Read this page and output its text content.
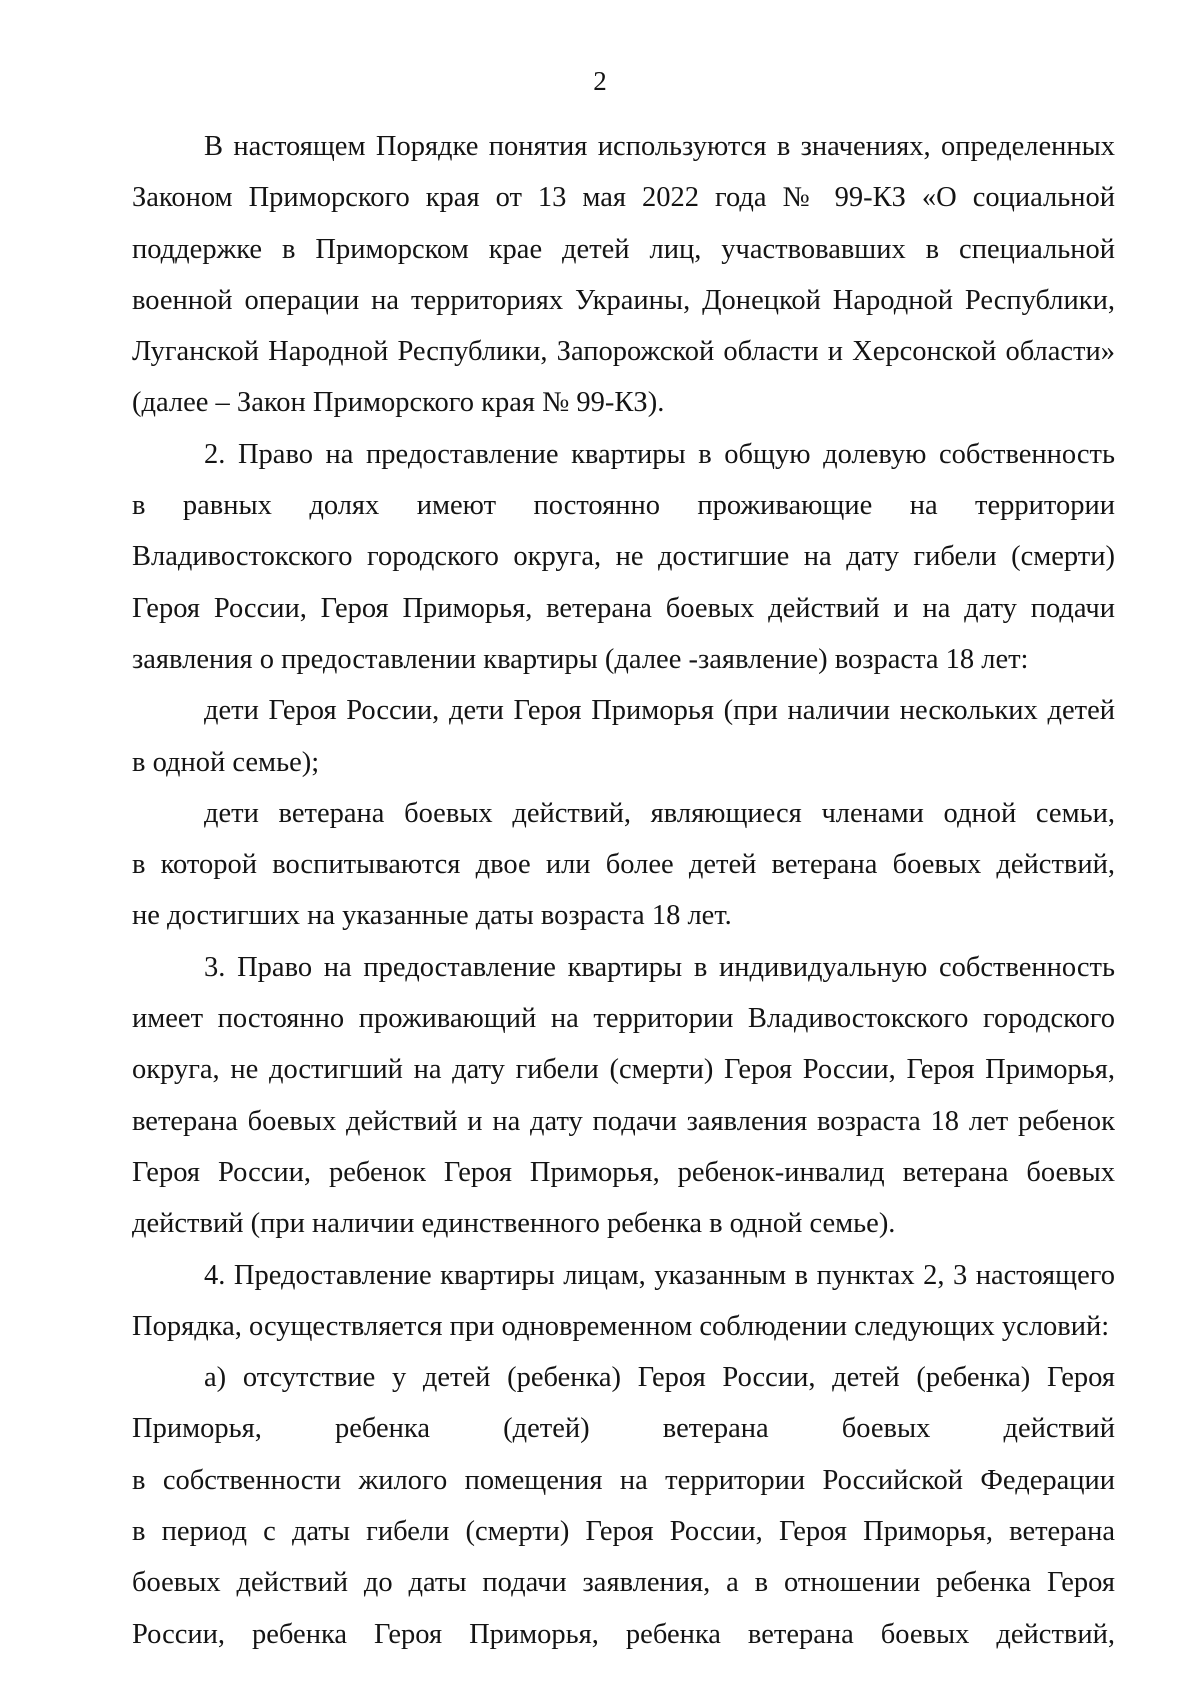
2
В настоящем Порядке понятия используются в значениях, определенных
Законом Приморского края от 13 мая 2022 года № 99-КЗ «О социальной
поддержке в Приморском крае детей лиц, участвовавших в специальной
военной операции на территориях Украины, Донецкой Народной Республики,
Луганской Народной Республики, Запорожской области и Херсонской области»
(далее – Закон Приморского края № 99-КЗ).
2. Право на предоставление квартиры в общую долевую собственность
в равных долях имеют постоянно проживающие на территории
Владивостокского городского округа, не достигшие на дату гибели (смерти)
Героя России, Героя Приморья, ветерана боевых действий и на дату подачи
заявления о предоставлении квартиры (далее -заявление) возраста 18 лет:
дети Героя России, дети Героя Приморья (при наличии нескольких детей
в одной семье);
дети ветерана боевых действий, являющиеся членами одной семьи,
в которой воспитываются двое или более детей ветерана боевых действий,
не достигших на указанные даты возраста 18 лет.
3. Право на предоставление квартиры в индивидуальную собственность
имеет постоянно проживающий на территории Владивостокского городского
округа, не достигший на дату гибели (смерти) Героя России, Героя Приморья,
ветерана боевых действий и на дату подачи заявления возраста 18 лет ребенок
Героя России, ребенок Героя Приморья, ребенок-инвалид ветерана боевых
действий (при наличии единственного ребенка в одной семье).
4. Предоставление квартиры лицам, указанным в пунктах 2, 3 настоящего
Порядка, осуществляется при одновременном соблюдении следующих условий:
а) отсутствие у детей (ребенка) Героя России, детей (ребенка) Героя
Приморья, ребенка (детей) ветерана боевых действий
в собственности жилого помещения на территории Российской Федерации
в период с даты гибели (смерти) Героя России, Героя Приморья, ветерана
боевых действий до даты подачи заявления, а в отношении ребенка Героя
России, ребенка Героя Приморья, ребенка ветерана боевых действий,
